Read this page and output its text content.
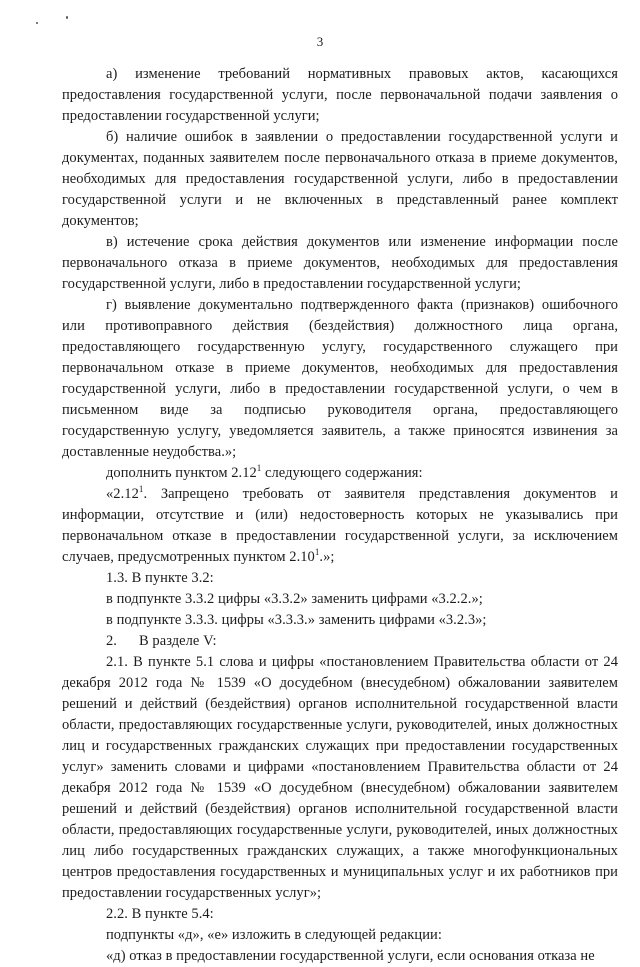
3

а) изменение требований нормативных правовых актов, касающихся предоставления государственной услуги, после первоначальной подачи заявления о предоставлении государственной услуги;

б) наличие ошибок в заявлении о предоставлении государственной услуги и документах, поданных заявителем после первоначального отказа в приеме документов, необходимых для предоставления государственной услуги, либо в предоставлении государственной услуги и не включенных в представленный ранее комплект документов;

в) истечение срока действия документов или изменение информации после первоначального отказа в приеме документов, необходимых для предоставления государственной услуги, либо в предоставлении государственной услуги;

г) выявление документально подтвержденного факта (признаков) ошибочного или противоправного действия (бездействия) должностного лица органа, предоставляющего государственную услугу, государственного служащего при первоначальном отказе в приеме документов, необходимых для предоставления государственной услуги, либо в предоставлении государственной услуги, о чем в письменном виде за подписью руководителя органа, предоставляющего государственную услугу, уведомляется заявитель, а также приносятся извинения за доставленные неудобства.»;

дополнить пунктом 2.12$^1$ следующего содержания:

«2.12$^1$. Запрещено требовать от заявителя представления документов и информации, отсутствие и (или) недостоверность которых не указывались при первоначальном отказе в предоставлении государственной услуги, за исключением случаев, предусмотренных пунктом 2.10$^1$.»;

1.3. В пункте 3.2:

в подпункте 3.3.2 цифры «3.3.2» заменить цифрами «3.2.2.»;

в подпункте 3.3.3. цифры «3.3.3.» заменить цифрами «3.2.3»;

2.      В разделе V:

2.1. В пункте 5.1 слова и цифры «постановлением Правительства области от 24 декабря 2012 года № 1539 «О досудебном (внесудебном) обжаловании заявителем решений и действий (бездействия) органов исполнительной государственной власти области, предоставляющих государственные услуги, руководителей, иных должностных лиц и государственных гражданских служащих при предоставлении государственных услуг» заменить словами и цифрами «постановлением Правительства области от 24 декабря 2012 года № 1539 «О досудебном (внесудебном) обжаловании заявителем решений и действий (бездействия) органов исполнительной государственной власти области, предоставляющих государственные услуги, руководителей, иных должностных лиц либо государственных гражданских служащих, а также многофункциональных центров предоставления государственных и муниципальных услуг и их работников при предоставлении государственных услуг»;

2.2. В пункте 5.4:

подпункты «д», «е» изложить в следующей редакции:

«д) отказ в предоставлении государственной услуги, если основания отказа не
